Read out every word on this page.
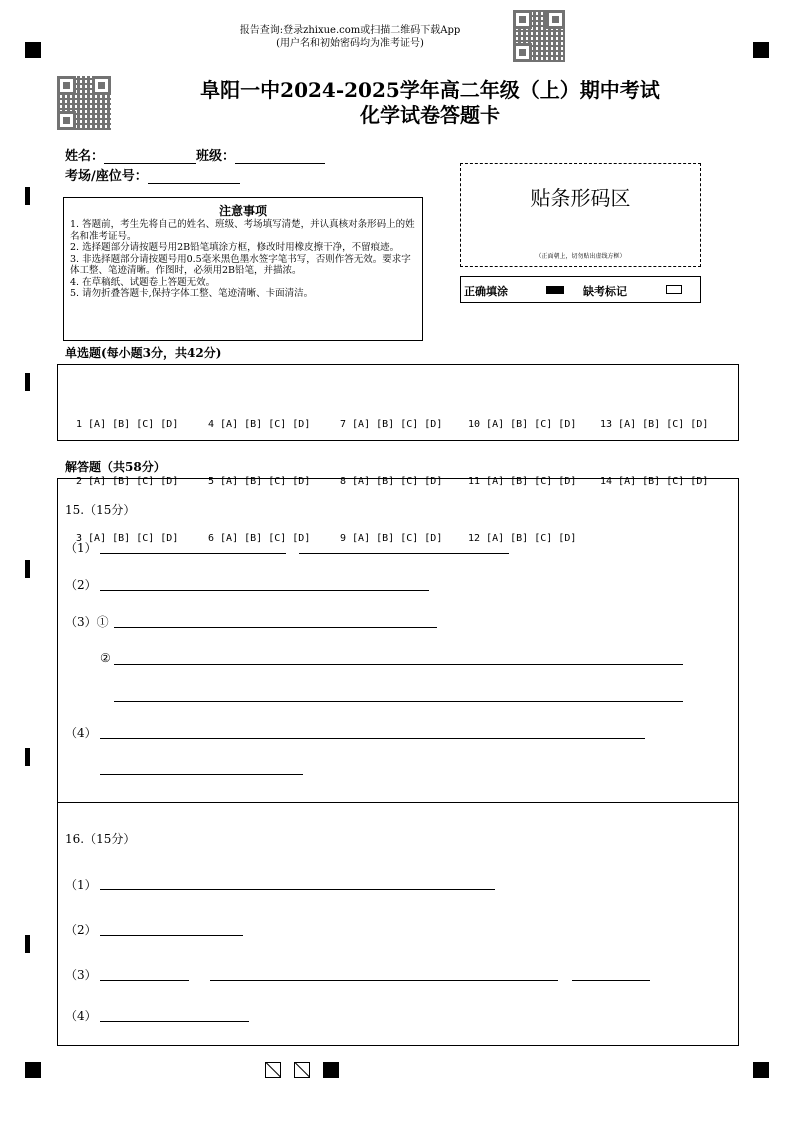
报告查询:登录zhixue.com或扫描二维码下载App
(用户名和初始密码均为准考证号)
阜阳一中2024-2025学年高二年级（上）期中考试
化学试卷答题卡
姓名：	班级：
考场/座位号：
注意事项

1. 答题前，考生先将自己的姓名、班级、考场填写清楚，并认真核对条形码上的姓名和准考证号。

2. 选择题部分请按题号用2B铅笔填涂方框，修改时用橡皮擦干净，不留痕迹。

3. 非选择题部分请按题号用0.5毫米黑色墨水签字笔书写，否则作答无效。要求字体工整、笔迹清晰。作图时，必须用2B铅笔，并描浓。

4. 在草稿纸、试题卷上答题无效。

5. 请勿折叠答题卡,保持字体工整、笔迹清晰、卡面清洁。

贴条形码区
（正面朝上，切勿贴出虚线方框）
正确填涂	缺考标记
单选题(每小题3分，共42分)

1 [A] [B] [C] [D]

2 [A] [B] [C] [D]

3 [A] [B] [C] [D]

4 [A] [B] [C] [D]

5 [A] [B] [C] [D]

6 [A] [B] [C] [D]

7 [A] [B] [C] [D]

8 [A] [B] [C] [D]

9 [A] [B] [C] [D]

10 [A] [B] [C] [D]

11 [A] [B] [C] [D]

12 [A] [B] [C] [D]

13 [A] [B] [C] [D]

14 [A] [B] [C] [D]

解答题（共58分）
15.（15分）
（1）
（2）
（3）①
②
（4）
16.（15分）
（1）
（2）
（3）
（4）
